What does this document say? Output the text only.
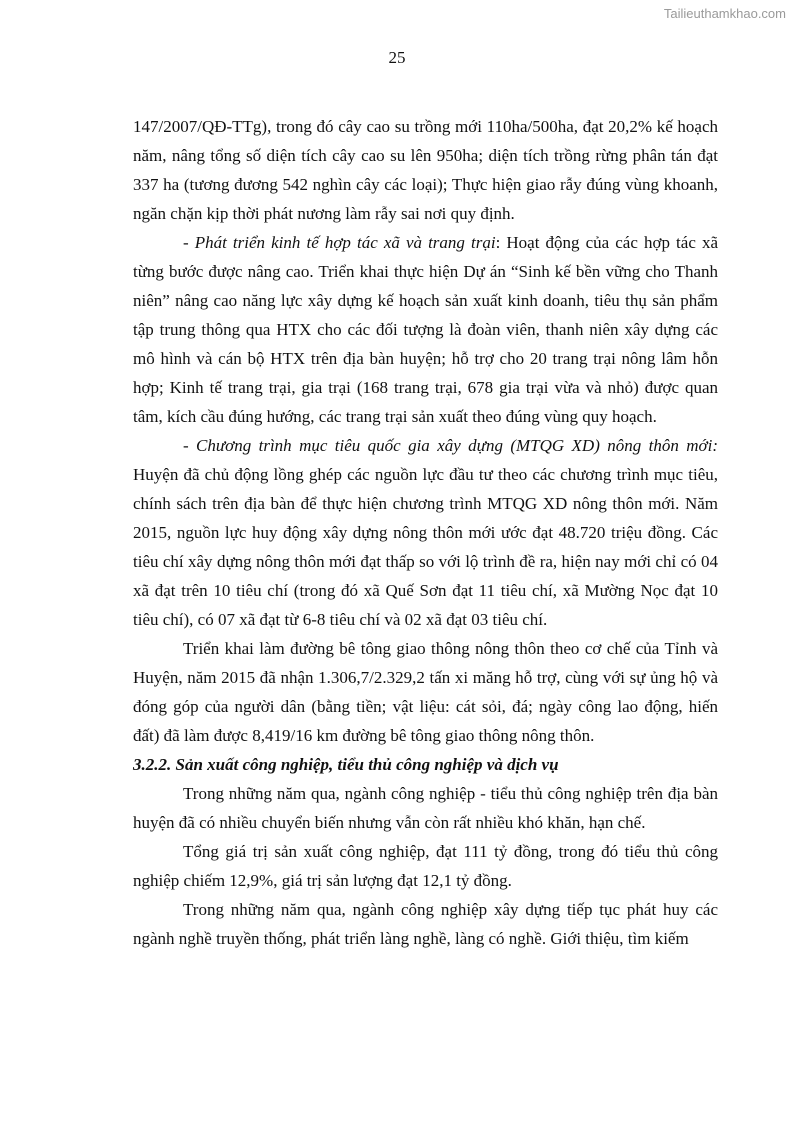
Tailieuthamkhao.com
25

147/2007/QĐ-TTg), trong đó cây cao su trồng mới 110ha/500ha, đạt 20,2% kế hoạch năm, nâng tổng số diện tích cây cao su lên 950ha; diện tích trồng rừng phân tán đạt 337 ha (tương đương 542 nghìn cây các loại); Thực hiện giao rẫy đúng vùng khoanh, ngăn chặn kịp thời phát nương làm rẫy sai nơi quy định.

- Phát triển kinh tế hợp tác xã và trang trại: Hoạt động của các hợp tác xã từng bước được nâng cao. Triển khai thực hiện Dự án “Sinh kế bền vững cho Thanh niên” nâng cao năng lực xây dựng kế hoạch sản xuất kinh doanh, tiêu thụ sản phẩm tập trung thông qua HTX cho các đối tượng là đoàn viên, thanh niên xây dựng các mô hình và cán bộ HTX trên địa bàn huyện; hỗ trợ cho 20 trang trại nông lâm hỗn hợp; Kinh tế trang trại, gia trại (168 trang trại, 678 gia trại vừa và nhỏ) được quan tâm, kích cầu đúng hướng, các trang trại sản xuất theo đúng vùng quy hoạch.

- Chương trình mục tiêu quốc gia xây dựng (MTQG XD) nông thôn mới: Huyện đã chủ động lồng ghép các nguồn lực đầu tư theo các chương trình mục tiêu, chính sách trên địa bàn để thực hiện chương trình MTQG XD nông thôn mới. Năm 2015, nguồn lực huy động xây dựng nông thôn mới ước đạt 48.720 triệu đồng. Các tiêu chí xây dựng nông thôn mới đạt thấp so với lộ trình đề ra, hiện nay mới chỉ có 04 xã đạt trên 10 tiêu chí (trong đó xã Quế Sơn đạt 11 tiêu chí, xã Mường Nọc đạt 10 tiêu chí), có 07 xã đạt từ 6-8 tiêu chí và 02 xã đạt 03 tiêu chí.

Triển khai làm đường bê tông giao thông nông thôn theo cơ chế của Tỉnh và Huyện, năm 2015 đã nhận 1.306,7/2.329,2 tấn xi măng hỗ trợ, cùng với sự ủng hộ và đóng góp của người dân (bằng tiền; vật liệu: cát sỏi, đá; ngày công lao động, hiến đất) đã làm được 8,419/16 km đường bê tông giao thông nông thôn.

3.2.2. Sản xuất công nghiệp, tiểu thủ công nghiệp và dịch vụ

Trong những năm qua, ngành công nghiệp - tiểu thủ công nghiệp trên địa bàn huyện đã có nhiều chuyển biến nhưng vẫn còn rất nhiều khó khăn, hạn chế.

Tổng giá trị sản xuất công nghiệp, đạt 111 tỷ đồng, trong đó tiểu thủ công nghiệp chiếm 12,9%, giá trị sản lượng đạt 12,1 tỷ đồng.

Trong những năm qua, ngành công nghiệp xây dựng tiếp tục phát huy các ngành nghề truyền thống, phát triển làng nghề, làng có nghề. Giới thiệu, tìm kiếm
